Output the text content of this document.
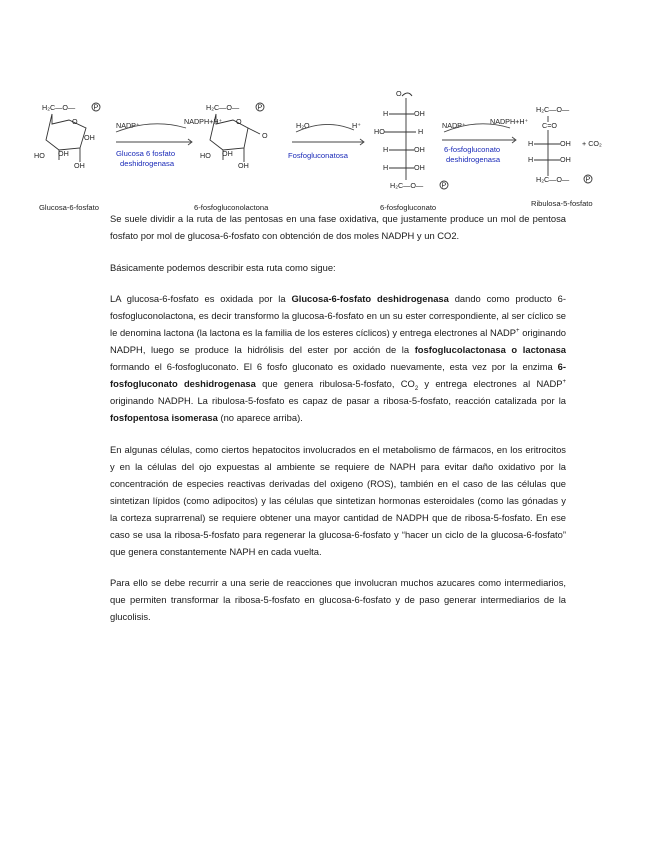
H₂C—O—	P
O
OH
OH
HO
OH
Glucosa-6-fosfato
NADP⁺	NADPH+H⁺
Glucosa 6 fosfato
deshidrogenasa
H₂C—O—	P
O
O
OH
HO
OH
6-fosfogluconolactona
H₂O	H⁺
Fosfogluconatosa
O
H	OH
HO	H
H	OH
H	OH
H₂C—O—	P
6-fosfogluconato
NADP⁺	NADPH+H⁺
6-fosfogluconato
deshidrogenasa
H₂C—O—
C=O
H	OH
H	OH
H₂C—O— P
+ CO₂
Ribulosa-5-fosfato

Se suele dividir a la ruta de las pentosas en una fase oxidativa, que justamente produce un mol de pentosa fosfato por mol de glucosa-6-fosfato con obtención de dos moles NADPH y un CO2.

Básicamente podemos describir esta ruta como sigue:

LA glucosa-6-fosfato es oxidada por la Glucosa-6-fosfato deshidrogenasa dando como producto 6-fosfogluconolactona, es decir transformo la glucosa-6-fosfato en un su ester correspondiente, al ser cíclico se le denomina lactona (la lactona es la familia de los esteres cíclicos) y entrega electrones al NADP+ originando NADPH, luego se produce la hidrólisis del ester por acción de la fosfoglucolactonasa o lactonasa formando el 6-fosfogluconato. El 6 fosfo gluconato es oxidado nuevamente, esta vez por la enzima 6-fosfogluconato deshidrogenasa que genera ribulosa-5-fosfato, $CO_2$ y entrega electrones al NADP+ originando NADPH. La ribulosa-5-fosfato es capaz de pasar a ribosa-5-fosfato, reacción catalizada por la fosfopentosa isomerasa (no aparece arriba).

En algunas células, como ciertos hepatocitos involucrados en el metabolismo de fármacos, en los eritrocitos y en la células del ojo expuestas al ambiente se requiere de NAPH para evitar daño oxidativo por la concentración de especies reactivas derivadas del oxigeno (ROS), también en el caso de las células que sintetizan lípidos (como adipocitos) y las células que sintetizan hormonas esteroidales (como las gónadas y la corteza suprarrenal) se requiere obtener una mayor cantidad de NADPH que de ribosa-5-fosfato. En ese caso se usa la ribosa-5-fosfato para regenerar la glucosa-6-fosfato y “hacer un ciclo de la glucosa-6-fosfato” que genera constantemente NAPH en cada vuelta.

Para ello se debe recurrir a una serie de reacciones que involucran muchos azucares como intermediarios, que permiten transformar la ribosa-5-fosfato en glucosa-6-fosfato y de paso generar intermediarios de la glucolisis.
